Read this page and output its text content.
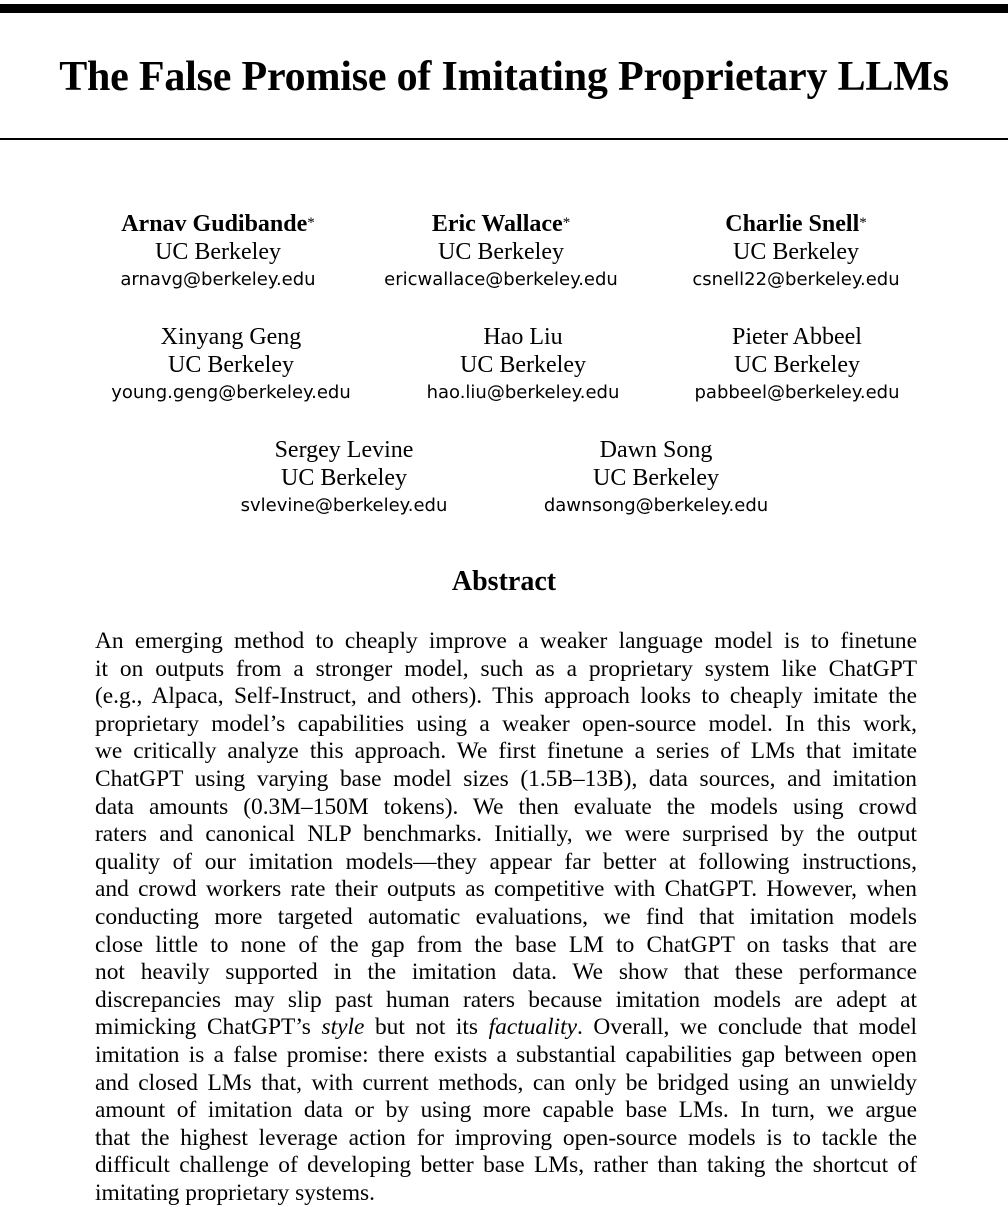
The False Promise of Imitating Proprietary LLMs
Arnav Gudibande*
UC Berkeley
arnavg@berkeley.edu
Eric Wallace*
UC Berkeley
ericwallace@berkeley.edu
Charlie Snell*
UC Berkeley
csnell22@berkeley.edu
Xinyang Geng
UC Berkeley
young.geng@berkeley.edu
Hao Liu
UC Berkeley
hao.liu@berkeley.edu
Pieter Abbeel
UC Berkeley
pabbeel@berkeley.edu
Sergey Levine
UC Berkeley
svlevine@berkeley.edu
Dawn Song
UC Berkeley
dawnsong@berkeley.edu
Abstract
An emerging method to cheaply improve a weaker language model is to finetune
it on outputs from a stronger model, such as a proprietary system like ChatGPT
(e.g., Alpaca, Self-Instruct, and others). This approach looks to cheaply imitate the
proprietary model’s capabilities using a weaker open-source model. In this work,
we critically analyze this approach. We first finetune a series of LMs that imitate
ChatGPT using varying base model sizes (1.5B–13B), data sources, and imitation
data amounts (0.3M–150M tokens). We then evaluate the models using crowd
raters and canonical NLP benchmarks. Initially, we were surprised by the output
quality of our imitation models—they appear far better at following instructions,
and crowd workers rate their outputs as competitive with ChatGPT. However, when
conducting more targeted automatic evaluations, we find that imitation models
close little to none of the gap from the base LM to ChatGPT on tasks that are
not heavily supported in the imitation data. We show that these performance
discrepancies may slip past human raters because imitation models are adept at
mimicking ChatGPT’s style but not its factuality. Overall, we conclude that model
imitation is a false promise: there exists a substantial capabilities gap between open
and closed LMs that, with current methods, can only be bridged using an unwieldy
amount of imitation data or by using more capable base LMs. In turn, we argue
that the highest leverage action for improving open-source models is to tackle the
difficult challenge of developing better base LMs, rather than taking the shortcut of
imitating proprietary systems.
